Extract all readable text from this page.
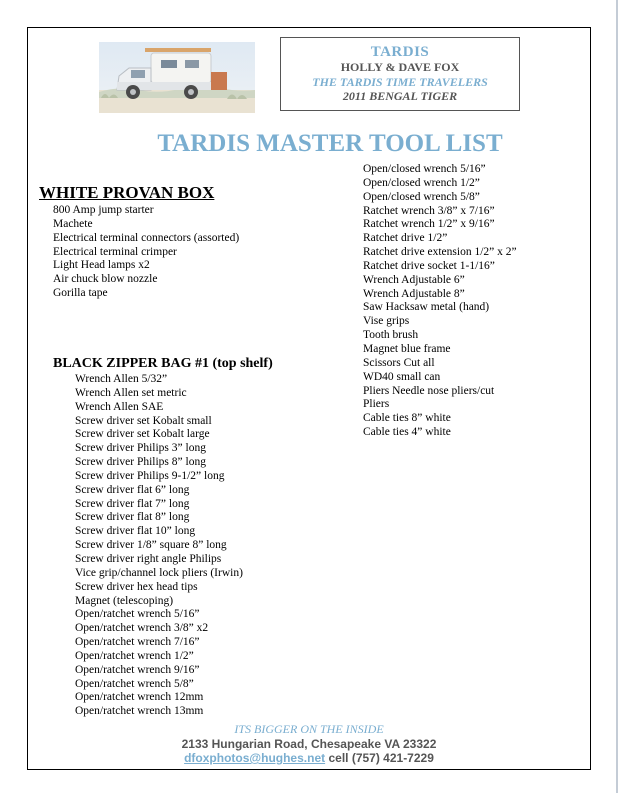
TARDIS
HOLLY & DAVE FOX
THE TARDIS TIME TRAVELERS
2011 BENGAL TIGER
TARDIS MASTER TOOL LIST
WHITE PROVAN BOX
800 Amp jump starter
Machete
Electrical terminal connectors (assorted)
Electrical terminal crimper
Light Head lamps x2
Air chuck blow nozzle
Gorilla tape
BLACK ZIPPER BAG #1 (top shelf)
Wrench Allen 5/32”
Wrench Allen set metric
Wrench Allen SAE
Screw driver set Kobalt small
Screw driver set Kobalt large
Screw driver Philips 3” long
Screw driver Philips 8” long
Screw driver Philips 9-1/2” long
Screw driver flat 6” long
Screw driver flat 7” long
Screw driver flat 8” long
Screw driver flat 10” long
Screw driver 1/8” square 8” long
Screw driver right angle Philips
Vice grip/channel lock pliers (Irwin)
Screw driver hex head tips
Magnet (telescoping)
Open/ratchet wrench 5/16”
Open/ratchet wrench 3/8” x2
Open/ratchet wrench 7/16”
Open/ratchet wrench 1/2”
Open/ratchet wrench 9/16”
Open/ratchet wrench 5/8”
Open/ratchet wrench 12mm
Open/ratchet wrench 13mm
Open/closed wrench 5/16”
Open/closed wrench 1/2”
Open/closed wrench 5/8”
Ratchet wrench 3/8” x 7/16”
Ratchet wrench 1/2” x 9/16”
Ratchet drive 1/2”
Ratchet drive extension 1/2” x 2”
Ratchet drive socket 1-1/16”
Wrench Adjustable 6”
Wrench Adjustable 8”
Saw Hacksaw metal (hand)
Vise grips
Tooth brush
Magnet blue frame
Scissors Cut all
WD40 small can
Pliers Needle nose pliers/cut
Pliers
Cable ties 8” white
Cable ties 4” white
ITS BIGGER ON THE INSIDE
2133 Hungarian Road, Chesapeake VA 23322
dfoxphotos@hughes.net cell (757) 421-7229
